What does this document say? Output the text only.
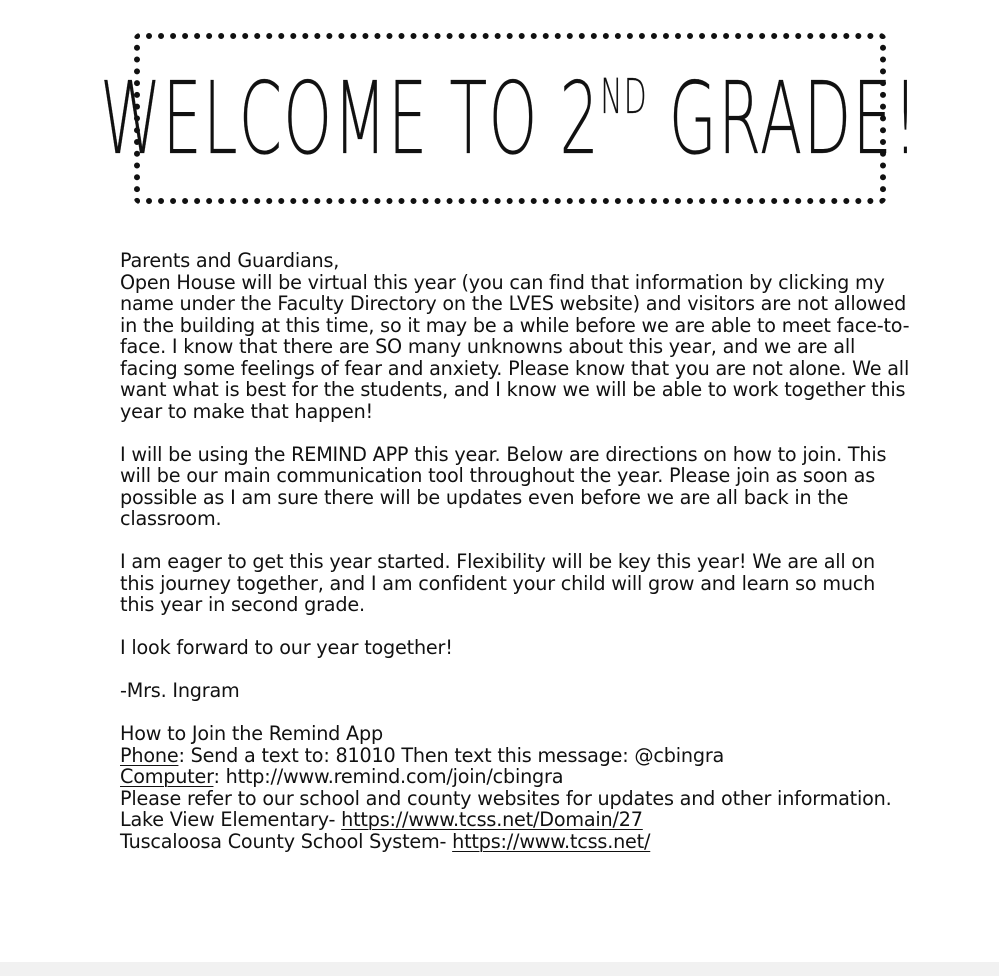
WELCOME TO 2ND GRADE!

Parents and Guardians,

Open House will be virtual this year (you can find that information by clicking my name under the Faculty Directory on the LVES website) and visitors are not allowed in the building at this time, so it may be a while before we are able to meet face-to-face. I know that there are SO many unknowns about this year, and we are all facing some feelings of fear and anxiety. Please know that you are not alone. We all want what is best for the students, and I know we will be able to work together this year to make that happen!

I will be using the REMIND APP this year. Below are directions on how to join. This will be our main communication tool throughout the year. Please join as soon as possible as I am sure there will be updates even before we are all back in the classroom.

I am eager to get this year started. Flexibility will be key this year! We are all on this journey together, and I am confident your child will grow and learn so much this year in second grade.

I look forward to our year together!

-Mrs. Ingram

How to Join the Remind App

Phone: Send a text to: 81010 Then text this message: @cbingra

Computer: http://www.remind.com/join/cbingra

Please refer to our school and county websites for updates and other information.

Lake View Elementary- https://www.tcss.net/Domain/27

Tuscaloosa County School System- https://www.tcss.net/
